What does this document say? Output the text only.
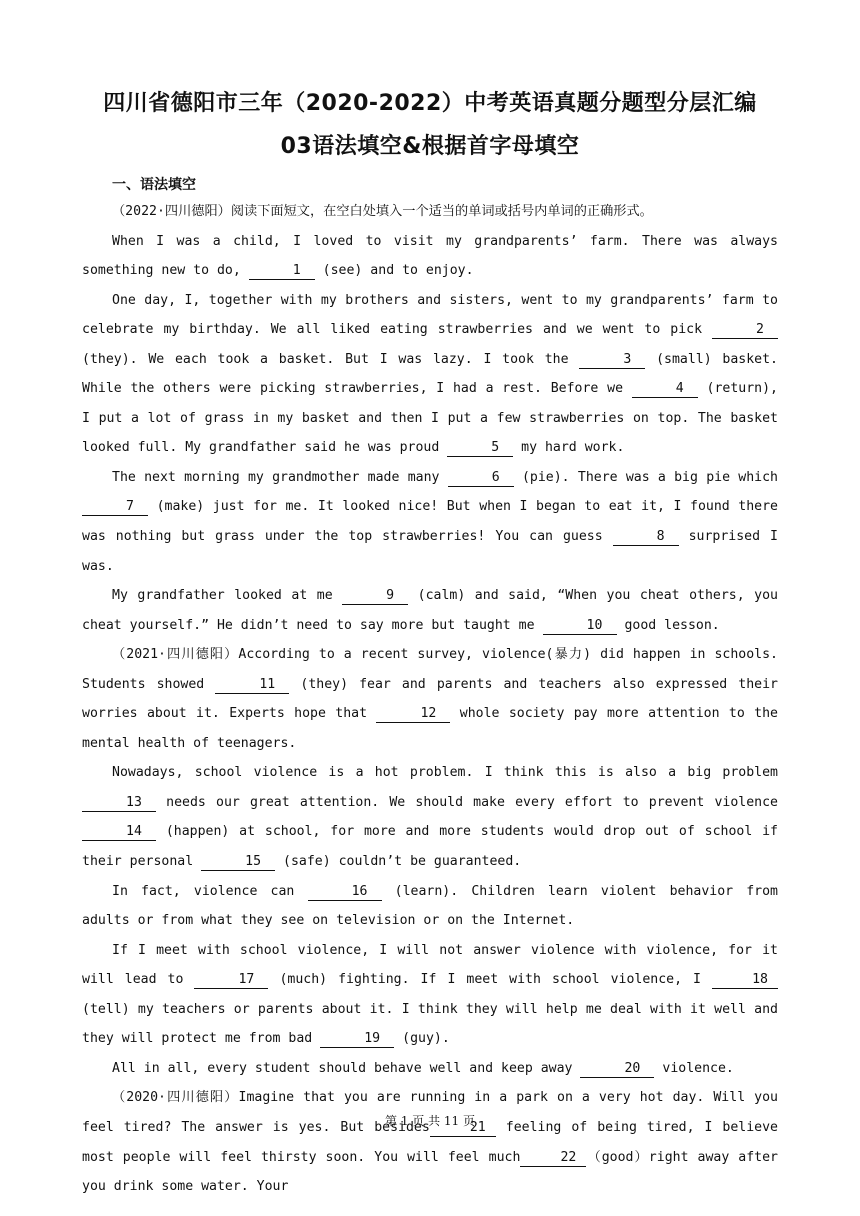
四川省德阳市三年（2020-2022）中考英语真题分题型分层汇编
03语法填空&根据首字母填空
一、语法填空

（2022·四川德阳）阅读下面短文，在空白处填入一个适当的单词或括号内单词的正确形式。

When I was a child, I loved to visit my grandparents’ farm. There was always something new to do,	1 (see) and to enjoy.

One day, I, together with my brothers and sisters, went to my grandparents’ farm to celebrate my birthday. We all liked eating strawberries and we went to pick	2 (they). We each took a basket. But I was lazy. I took the	3 (small) basket. While the others were picking strawberries, I had a rest. Before we	4 (return), I put a lot of grass in my basket and then I put a few strawberries on top. The basket looked full. My grandfather said he was proud	5 my hard work.

The next morning my grandmother made many	6 (pie). There was a big pie which 7 (make) just for me. It looked nice! But when I began to eat it, I found there was nothing but grass under the top strawberries! You can guess	8 surprised I was.

My grandfather looked at me	9 (calm) and said, “When you cheat others, you cheat yourself.” He didn’t need to say more but taught me	10 good lesson.

（2021·四川德阳）According to a recent survey, violence(暴力) did happen in schools. Students showed	11 (they) fear and parents and teachers also expressed their worries about it. Experts hope that	12 whole society pay more attention to the mental health of teenagers.

Nowadays, school violence is a hot problem. I think this is also a big problem 13 needs our great attention. We should make every effort to prevent violence 14 (happen) at school, for more and more students would drop out of school if their personal	15 (safe) couldn’t be guaranteed.

In fact, violence can	16 (learn). Children learn violent behavior from adults or from what they see on television or on the Internet.

If I meet with school violence, I will not answer violence with violence, for it will lead to	17 (much) fighting. If I meet with school violence, I	18 (tell) my teachers or parents about it. I think they will help me deal with it well and they will protect me from bad	19 (guy).

All in all, every student should behave well and keep away	20 violence.

（2020·四川德阳）Imagine that you are running in a park on a very hot day. Will you feel tired? The answer is yes. But besides	21 feeling of being tired, I believe most people will feel thirsty soon. You will feel much	22 （good）right away after you drink some water. Your

第 1 页 共 11 页
